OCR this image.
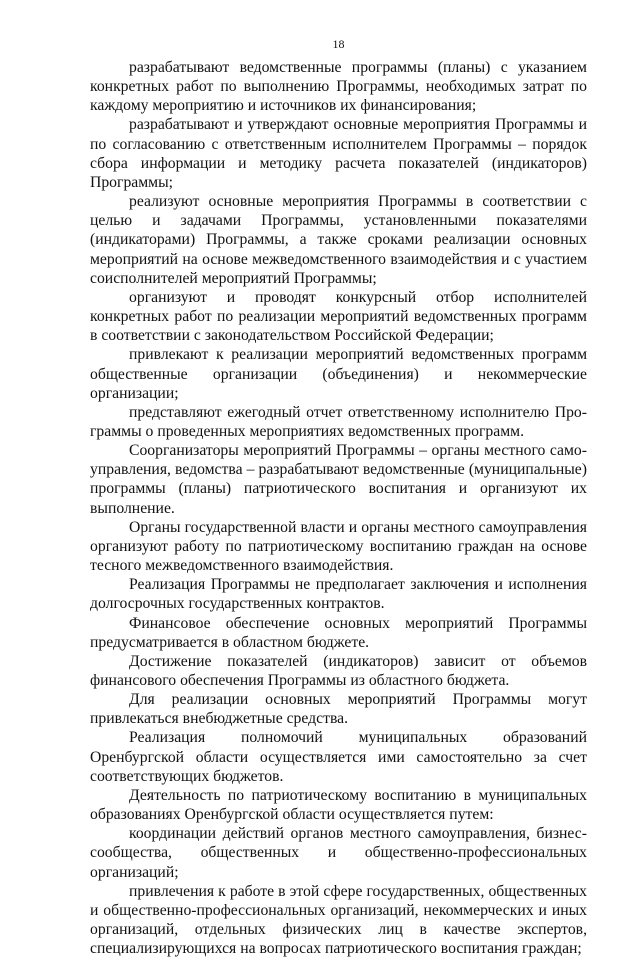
18

разрабатывают ведомственные программы (планы) с указанием конкретных работ по выполнению Программы, необходимых затрат по каждому мероприятию и источников их финансирования;

разрабатывают и утверждают основные мероприятия Программы и по согласованию с ответственным исполнителем Программы – порядок сбора информации и методику расчета показателей (индикаторов) Программы;

реализуют основные мероприятия Программы в соответствии с целью и задачами Программы, установленными показателями (индикаторами) Программы, а также сроками реализации основных мероприятий на основе межведомственного взаимодействия и с участием соисполнителей мероприятий Программы;

организуют и проводят конкурсный отбор исполнителей конкретных работ по реализации мероприятий ведомственных программ в соответствии с законодательством Российской Федерации;

привлекают к реализации мероприятий ведомственных программ общественные организации (объединения) и некоммерческие организации;

представляют ежегодный отчет ответственному исполнителю Программы о проведенных мероприятиях ведомственных программ.

Соорганизаторы мероприятий Программы – органы местного самоуправления, ведомства – разрабатывают ведомственные (муниципальные) программы (планы) патриотического воспитания и организуют их выполнение.

Органы государственной власти и органы местного самоуправления организуют работу по патриотическому воспитанию граждан на основе тесного межведомственного взаимодействия.

Реализация Программы не предполагает заключения и исполнения долгосрочных государственных контрактов.

Финансовое обеспечение основных мероприятий Программы предусматривается в областном бюджете.

Достижение показателей (индикаторов) зависит от объемов финансового обеспечения Программы из областного бюджета.

Для реализации основных мероприятий Программы могут привлекаться внебюджетные средства.

Реализация полномочий муниципальных образований Оренбургской области осуществляется ими самостоятельно за счет соответствующих бюджетов.

Деятельность по патриотическому воспитанию в муниципальных образованиях Оренбургской области осуществляется путем:

координации действий органов местного самоуправления, бизнессообщества, общественных и общественно-профессиональных организаций;

привлечения к работе в этой сфере государственных, общественных и общественно-профессиональных организаций, некоммерческих и иных организаций, отдельных физических лиц в качестве экспертов, специализирующихся на вопросах патриотического воспитания граждан;
